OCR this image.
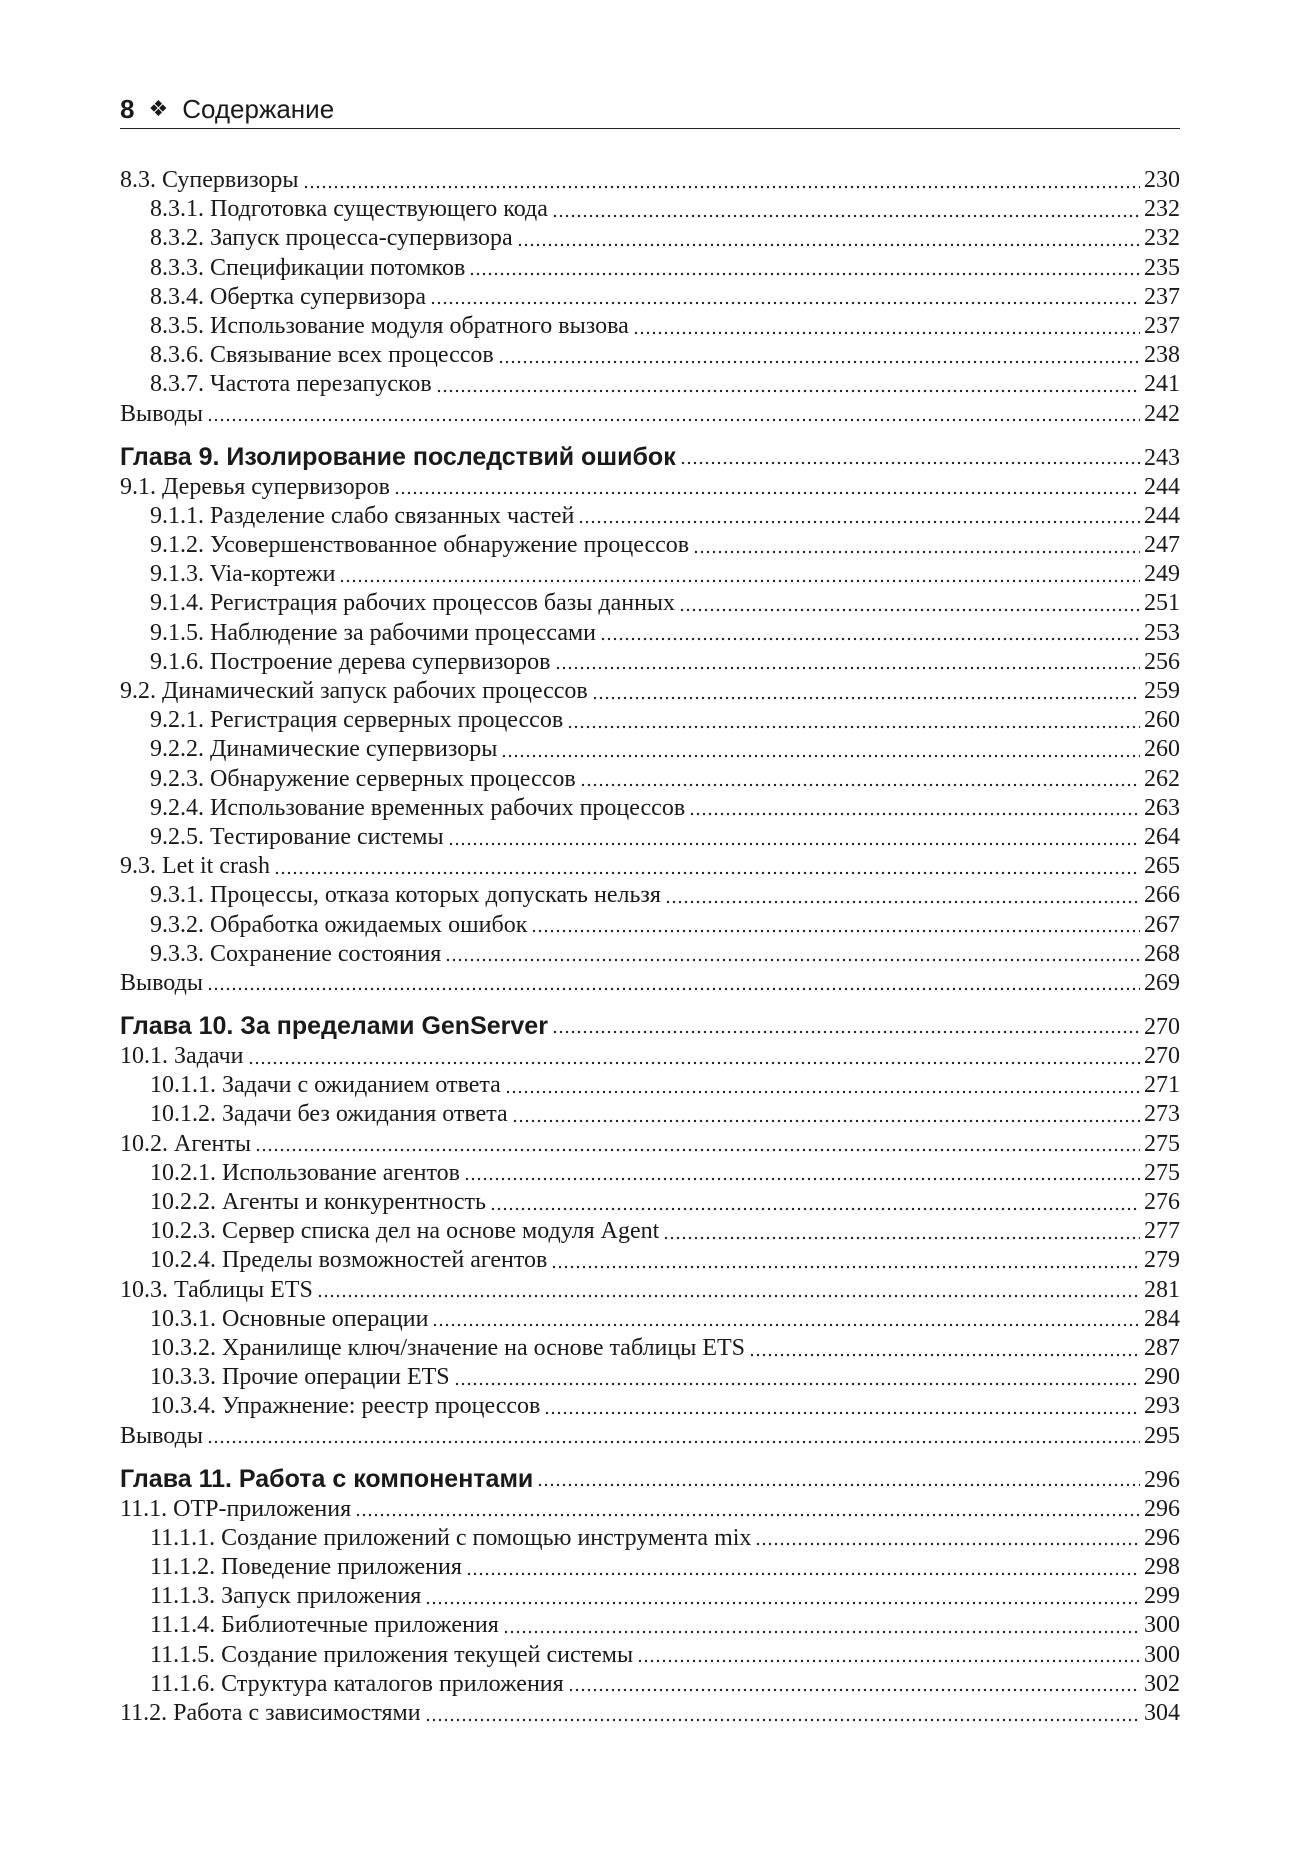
8 ❖ Содержание
8.3. Супервизоры	230
8.3.1. Подготовка существующего кода	232
8.3.2. Запуск процесса-супервизора	232
8.3.3. Спецификации потомков	235
8.3.4. Обертка супервизора	237
8.3.5. Использование модуля обратного вызова	237
8.3.6. Связывание всех процессов	238
8.3.7. Частота перезапусков	241
Выводы	242
Глава 9. Изолирование последствий ошибок	243
9.1. Деревья супервизоров	244
9.1.1. Разделение слабо связанных частей	244
9.1.2. Усовершенствованное обнаружение процессов	247
9.1.3. Via-кортежи	249
9.1.4. Регистрация рабочих процессов базы данных	251
9.1.5. Наблюдение за рабочими процессами	253
9.1.6. Построение дерева супервизоров	256
9.2. Динамический запуск рабочих процессов	259
9.2.1. Регистрация серверных процессов	260
9.2.2. Динамические супервизоры	260
9.2.3. Обнаружение серверных процессов	262
9.2.4. Использование временных рабочих процессов	263
9.2.5. Тестирование системы	264
9.3. Let it crash	265
9.3.1. Процессы, отказа которых допускать нельзя	266
9.3.2. Обработка ожидаемых ошибок	267
9.3.3. Сохранение состояния	268
Выводы	269
Глава 10. За пределами GenServer	270
10.1. Задачи	270
10.1.1. Задачи с ожиданием ответа	271
10.1.2. Задачи без ожидания ответа	273
10.2. Агенты	275
10.2.1. Использование агентов	275
10.2.2. Агенты и конкурентность	276
10.2.3. Сервер списка дел на основе модуля Agent	277
10.2.4. Пределы возможностей агентов	279
10.3. Таблицы ETS	281
10.3.1. Основные операции	284
10.3.2. Хранилище ключ/значение на основе таблицы ETS	287
10.3.3. Прочие операции ETS	290
10.3.4. Упражнение: реестр процессов	293
Выводы	295
Глава 11. Работа с компонентами	296
11.1. OTP-приложения	296
11.1.1. Создание приложений с помощью инструмента mix	296
11.1.2. Поведение приложения	298
11.1.3. Запуск приложения	299
11.1.4. Библиотечные приложения	300
11.1.5. Создание приложения текущей системы	300
11.1.6. Структура каталогов приложения	302
11.2. Работа с зависимостями	304
